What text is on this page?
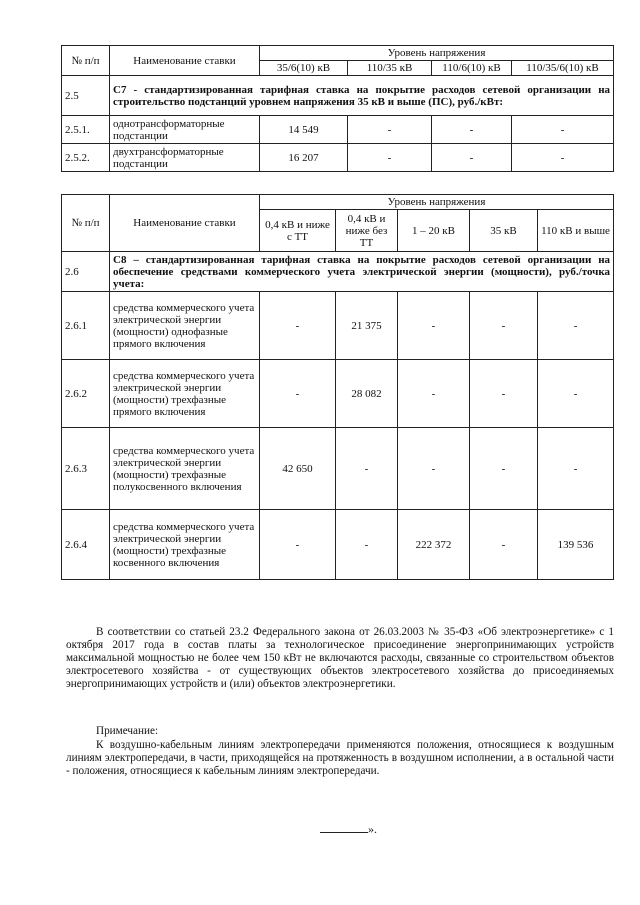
№ п/п	Наименование ставки	Уровень напряжения			
		35/6(10) кВ	110/35 кВ	110/6(10) кВ	110/35/6(10) кВ
2.5	С7 - стандартизированная тарифная ставка на покрытие расходов сетевой организации на строительство подстанций уровнем напряжения 35 кВ и выше (ПС), руб./кВт:				
2.5.1.	однотрансформаторные подстанции	14 549	-	-	-
2.5.2.	двухтрансформаторные подстанции	16 207	-	-	-
№ п/п	Наименование ставки	Уровень напряжения				
		0,4 кВ и ниже с ТТ	0,4 кВ и ниже без ТТ	1 – 20 кВ	35 кВ	110 кВ и выше
2.6	С8 – стандартизированная тарифная ставка на покрытие расходов сетевой организации на обеспечение средствами коммерческого учета электрической энергии (мощности), руб./точка учета:					
2.6.1	средства коммерческого учета электрической энергии (мощности) однофазные прямого включения	-	21 375	-	-	-
2.6.2	средства коммерческого учета электрической энергии (мощности) трехфазные прямого включения	-	28 082	-	-	-
2.6.3	средства коммерческого учета электрической энергии (мощности) трехфазные полукосвенного включения	42 650	-	-	-	-
2.6.4	средства коммерческого учета электрической энергии (мощности) трехфазные косвенного включения	-	-	222 372	-	139 536
В соответствии со статьей 23.2 Федерального закона от 26.03.2003 № 35-ФЗ «Об электроэнергетике» с 1 октября 2017 года в состав платы за технологическое присоединение энергопринимающих устройств максимальной мощностью не более чем 150 кВт не включаются расходы, связанные со строительством объектов электросетевого хозяйства - от существующих объектов электросетевого хозяйства до присоединяемых энергопринимающих устройств и (или) объектов электроэнергетики.
Примечание:
К воздушно-кабельным линиям электропередачи применяются положения, относящиеся к воздушным линиям электропередачи, в части, приходящейся на протяженность в воздушном исполнении, а в остальной части - положения, относящиеся к кабельным линиям электропередачи.
».
